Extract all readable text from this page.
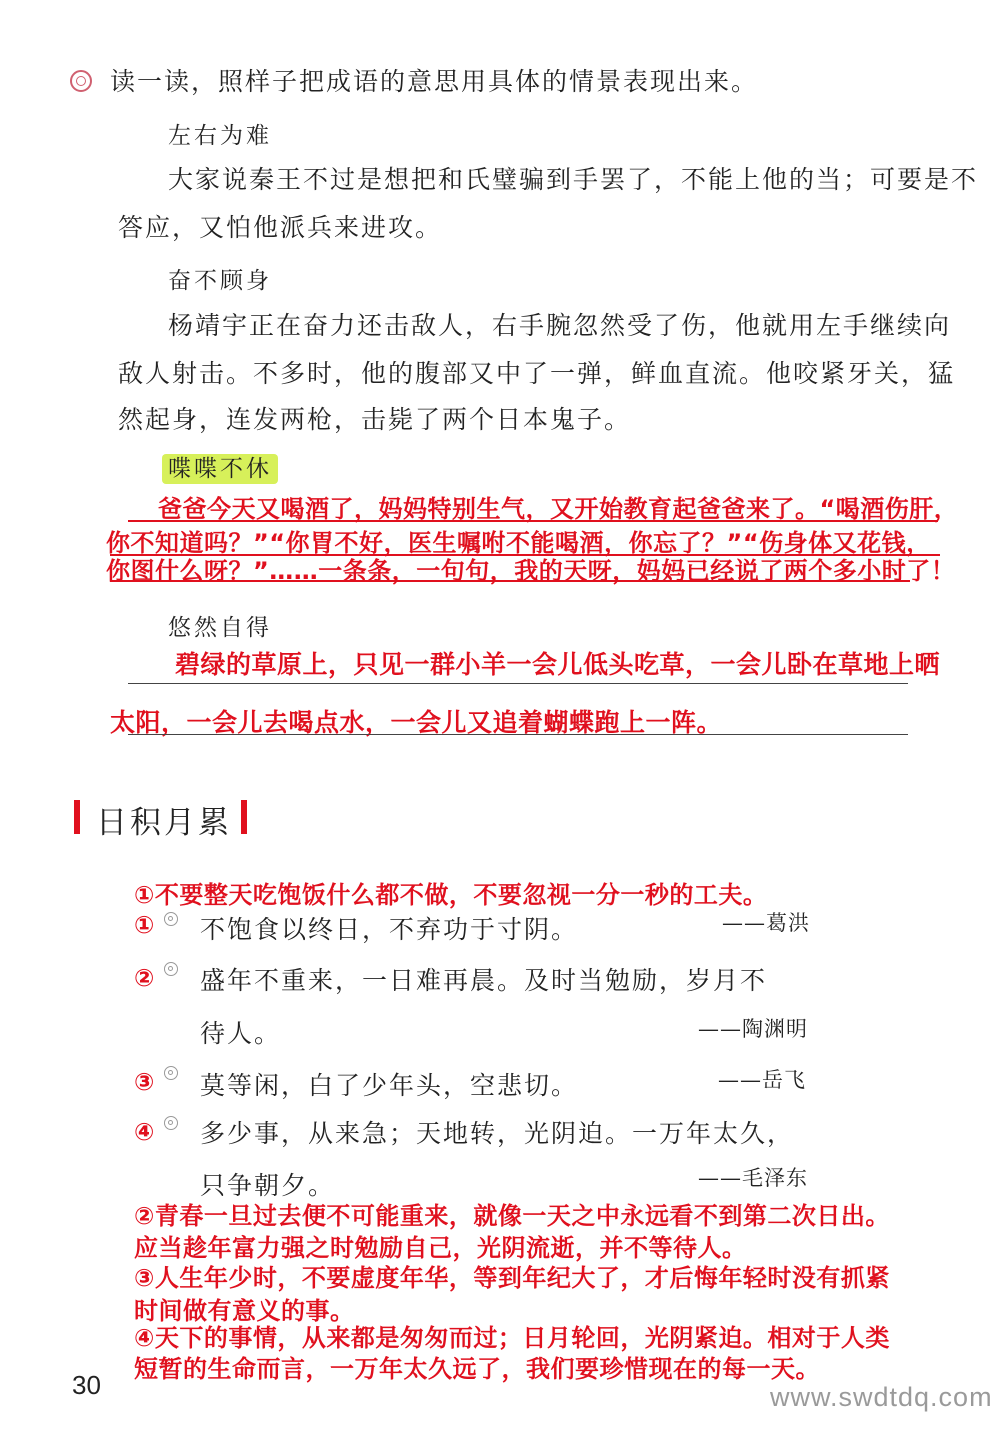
读一读，照样子把成语的意思用具体的情景表现出来。
左右为难
大家说秦王不过是想把和氏璧骗到手罢了，不能上他的当；可要是不
答应，又怕他派兵来进攻。
奋不顾身
杨靖宇正在奋力还击敌人，右手腕忽然受了伤，他就用左手继续向
敌人射击。不多时，他的腹部又中了一弹，鲜血直流。他咬紧牙关，猛
然起身，连发两枪，击毙了两个日本鬼子。
喋喋不休
爸爸今天又喝酒了，妈妈特别生气，又开始教育起爸爸来了。“喝酒伤肝，
你不知道吗？”“你胃不好，医生嘱咐不能喝酒，你忘了？”“伤身体又花钱，
你图什么呀？”……一条条，一句句，我的天呀，妈妈已经说了两个多小时了！
悠然自得
碧绿的草原上，只见一群小羊一会儿低头吃草，一会儿卧在草地上晒
太阳，一会儿去喝点水，一会儿又追着蝴蝶跑上一阵。
日积月累
①不要整天吃饱饭什么都不做，不要忽视一分一秒的工夫。
① 不饱食以终日，不弃功于寸阴。	——葛洪
② 盛年不重来，一日难再晨。及时当勉励，岁月不
待人。	——陶渊明
③ 莫等闲，白了少年头，空悲切。	——岳飞
④ 多少事，从来急；天地转，光阴迫。一万年太久，
只争朝夕。	——毛泽东
②青春一旦过去便不可能重来，就像一天之中永远看不到第二次日出。
应当趁年富力强之时勉励自己，光阴流逝，并不等待人。
③人生年少时，不要虚度年华，等到年纪大了，才后悔年轻时没有抓紧
时间做有意义的事。
④天下的事情，从来都是匆匆而过；日月轮回，光阴紧迫。相对于人类
短暂的生命而言，一万年太久远了，我们要珍惜现在的每一天。
30	www.swdtdq.com
